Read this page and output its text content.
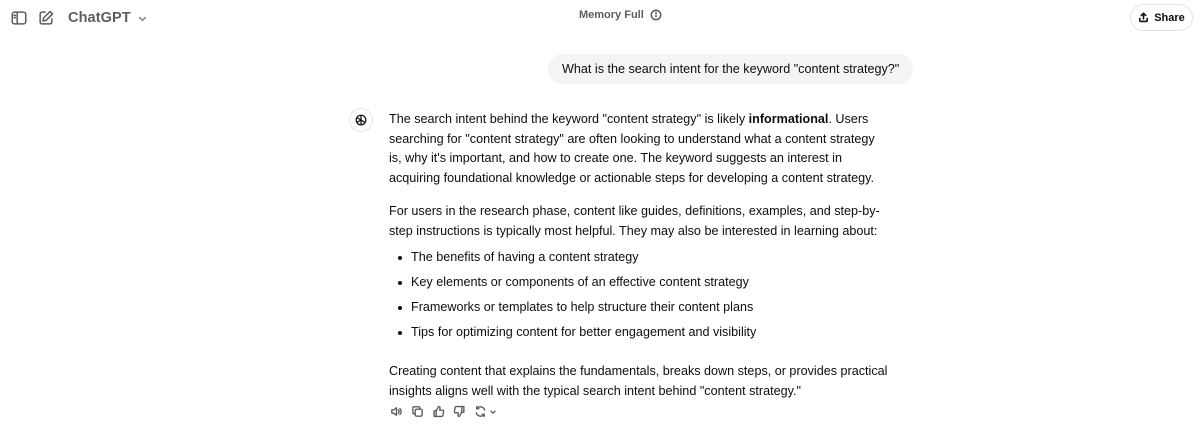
ChatGPT	Memory Full	Share
What is the search intent for the keyword "content strategy?"

The search intent behind the keyword "content strategy" is likely informational. Users searching for "content strategy" are often looking to understand what a content strategy is, why it's important, and how to create one. The keyword suggests an interest in acquiring foundational knowledge or actionable steps for developing a content strategy.

For users in the research phase, content like guides, definitions, examples, and step-by-step instructions is typically most helpful. They may also be interested in learning about:

The benefits of having a content strategy
Key elements or components of an effective content strategy
Frameworks or templates to help structure their content plans
Tips for optimizing content for better engagement and visibility

Creating content that explains the fundamentals, breaks down steps, or provides practical insights aligns well with the typical search intent behind "content strategy."
